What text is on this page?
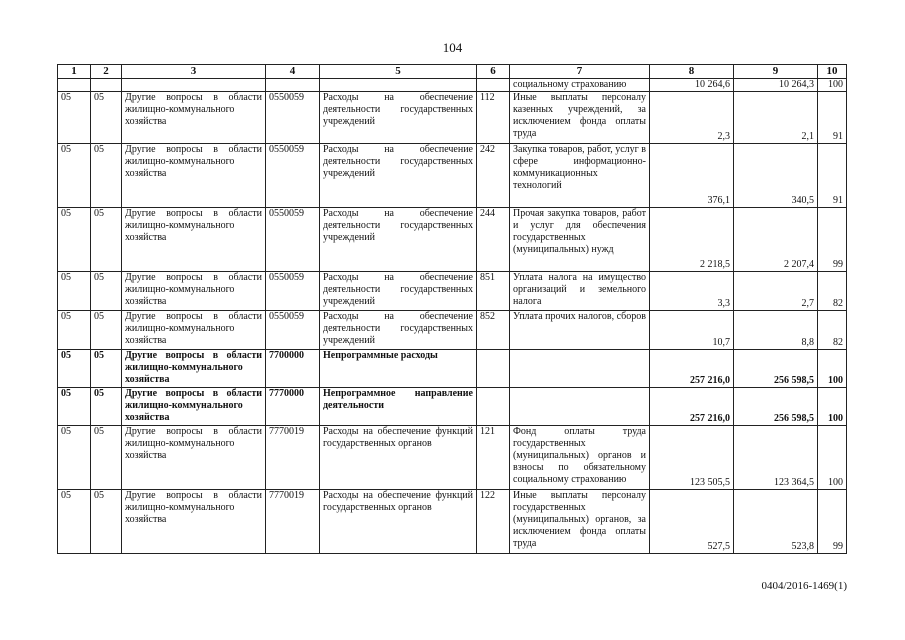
104
1	2	3	4	5	6	7	8	9	10
						социальному страхованию	10 264,6	10 264,3	100
05	05	Другие вопросы в области жилищно-коммунального хозяйства	0550059	Расходы на обеспечение деятельности государственных учреждений	112	Иные выплаты персоналу казенных учреждений, за исключением фонда оплаты труда	2,3	2,1	91
05	05	Другие вопросы в области жилищно-коммунального хозяйства	0550059	Расходы на обеспечение деятельности государственных учреждений	242	Закупка товаров, работ, услуг в сфере информационно-коммуникационных технологий	376,1	340,5	91
05	05	Другие вопросы в области жилищно-коммунального хозяйства	0550059	Расходы на обеспечение деятельности государственных учреждений	244	Прочая закупка товаров, работ и услуг для обеспечения государственных (муниципальных) нужд	2 218,5	2 207,4	99
05	05	Другие вопросы в области жилищно-коммунального хозяйства	0550059	Расходы на обеспечение деятельности государственных учреждений	851	Уплата налога на имущество организаций и земельного налога	3,3	2,7	82
05	05	Другие вопросы в области жилищно-коммунального хозяйства	0550059	Расходы на обеспечение деятельности государственных учреждений	852	Уплата прочих налогов, сборов	10,7	8,8	82
05	05	Другие вопросы в области жилищно-коммунального хозяйства	7700000	Непрограммные расходы			257 216,0	256 598,5	100
05	05	Другие вопросы в области жилищно-коммунального хозяйства	7770000	Непрограммное направление деятельности			257 216,0	256 598,5	100
05	05	Другие вопросы в области жилищно-коммунального хозяйства	7770019	Расходы на обеспечение функций государственных органов	121	Фонд оплаты труда государственных (муниципальных) органов и взносы по обязательному социальному страхованию	123 505,5	123 364,5	100
05	05	Другие вопросы в области жилищно-коммунального хозяйства	7770019	Расходы на обеспечение функций государственных органов	122	Иные выплаты персоналу государственных (муниципальных) органов, за исключением фонда оплаты труда	527,5	523,8	99
0404/2016-1469(1)
